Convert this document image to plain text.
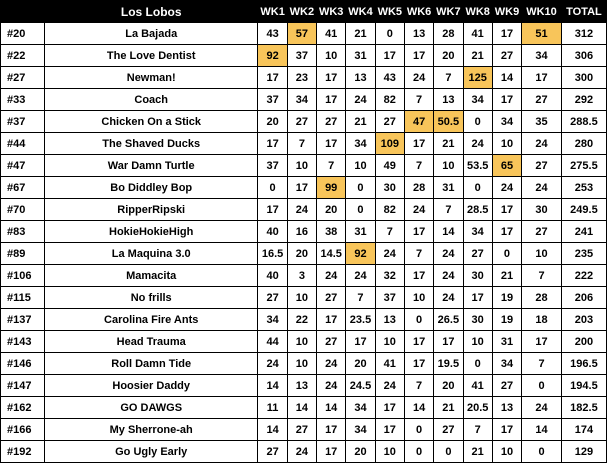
	Los Lobos	WK1	WK2	WK3	WK4	WK5	WK6	WK7	WK8	WK9	WK10	TOTAL
#20	La Bajada	43	57	41	21	0	13	28	41	17	51	312
#22	The Love Dentist	92	37	10	31	17	17	20	21	27	34	306
#27	Newman!	17	23	17	13	43	24	7	125	14	17	300
#33	Coach	37	34	17	24	82	7	13	34	17	27	292
#37	Chicken On a Stick	20	27	27	21	27	47	50.5	0	34	35	288.5
#44	The Shaved Ducks	17	7	17	34	109	17	21	24	10	24	280
#47	War Damn Turtle	37	10	7	10	49	7	10	53.5	65	27	275.5
#67	Bo Diddley Bop	0	17	99	0	30	28	31	0	24	24	253
#70	RipperRipski	17	24	20	0	82	24	7	28.5	17	30	249.5
#83	HokieHokieHigh	40	16	38	31	7	17	14	34	17	27	241
#89	La Maquina 3.0	16.5	20	14.5	92	24	7	24	27	0	10	235
#106	Mamacita	40	3	24	24	32	17	24	30	21	7	222
#115	No frills	27	10	27	7	37	10	24	17	19	28	206
#137	Carolina Fire Ants	34	22	17	23.5	13	0	26.5	30	19	18	203
#143	Head Trauma	44	10	27	17	10	17	17	10	31	17	200
#146	Roll Damn Tide	24	10	24	20	41	17	19.5	0	34	7	196.5
#147	Hoosier Daddy	14	13	24	24.5	24	7	20	41	27	0	194.5
#162	GO DAWGS	11	14	14	34	17	14	21	20.5	13	24	182.5
#166	My Sherrone-ah	14	27	17	34	17	0	27	7	17	14	174
#192	Go Ugly Early	27	24	17	20	10	0	0	21	10	0	129
